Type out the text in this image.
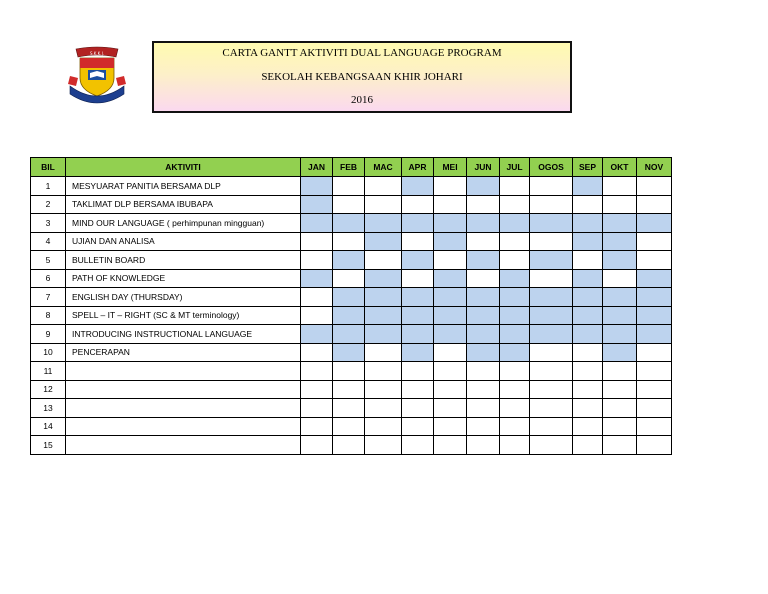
S.K.K.J.	CARTA GANTT AKTIVITI DUAL LANGUAGE PROGRAM
SEKOLAH KEBANGSAAN KHIR JOHARI
2016
BIL	AKTIVITI	JAN	FEB	MAC	APR	MEI	JUN	JUL	OGOS	SEP	OKT	NOV
1	MESYUARAT PANITIA BERSAMA DLP											
2	TAKLIMAT DLP BERSAMA IBUBAPA											
3	MIND OUR LANGUAGE ( perhimpunan mingguan)											
4	UJIAN DAN ANALISA											
5	BULLETIN BOARD											
6	PATH OF KNOWLEDGE											
7	ENGLISH DAY (THURSDAY)											
8	SPELL – IT – RIGHT (SC & MT terminology)											
9	INTRODUCING INSTRUCTIONAL LANGUAGE											
10	PENCERAPAN											
11												
12												
13												
14												
15												
